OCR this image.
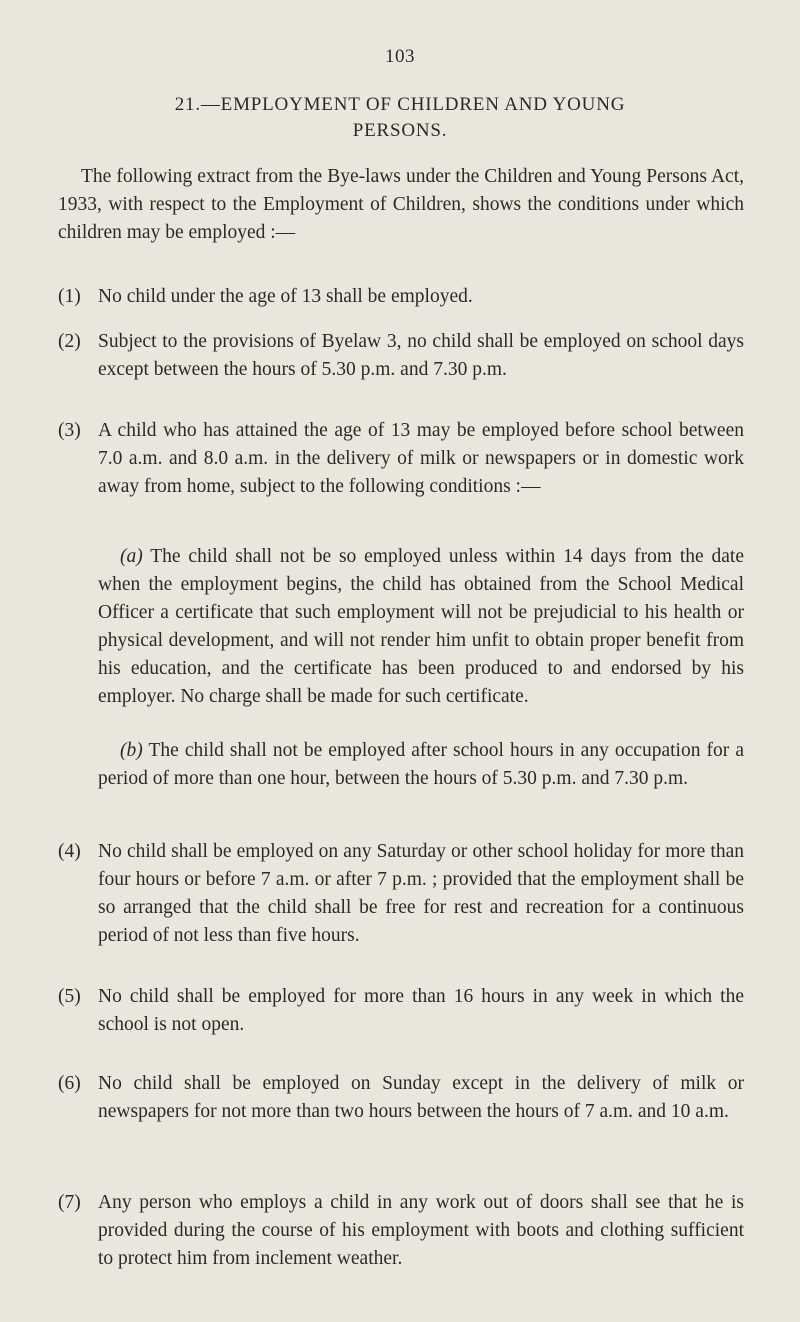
103
21.—EMPLOYMENT OF CHILDREN AND YOUNG
PERSONS.
The following extract from the Bye-laws under the Children and Young Persons Act, 1933, with respect to the Employment of Children, shows the conditions under which children may be employed :—
(1) No child under the age of 13 shall be employed.
(2) Subject to the provisions of Byelaw 3, no child shall be employed on school days except between the hours of 5.30 p.m. and 7.30 p.m.
(3) A child who has attained the age of 13 may be employed before school between 7.0 a.m. and 8.0 a.m. in the delivery of milk or newspapers or in domestic work away from home, subject to the following conditions :—
(a) The child shall not be so employed unless within 14 days from the date when the employment begins, the child has obtained from the School Medical Officer a certificate that such employment will not be prejudicial to his health or physical development, and will not render him unfit to obtain proper benefit from his education, and the certificate has been produced to and endorsed by his employer. No charge shall be made for such certificate.
(b) The child shall not be employed after school hours in any occupation for a period of more than one hour, between the hours of 5.30 p.m. and 7.30 p.m.
(4) No child shall be employed on any Saturday or other school holiday for more than four hours or before 7 a.m. or after 7 p.m. ; provided that the employment shall be so arranged that the child shall be free for rest and recreation for a continuous period of not less than five hours.
(5) No child shall be employed for more than 16 hours in any week in which the school is not open.
(6) No child shall be employed on Sunday except in the delivery of milk or newspapers for not more than two hours between the hours of 7 a.m. and 10 a.m.
(7) Any person who employs a child in any work out of doors shall see that he is provided during the course of his employment with boots and clothing sufficient to protect him from inclement weather.
